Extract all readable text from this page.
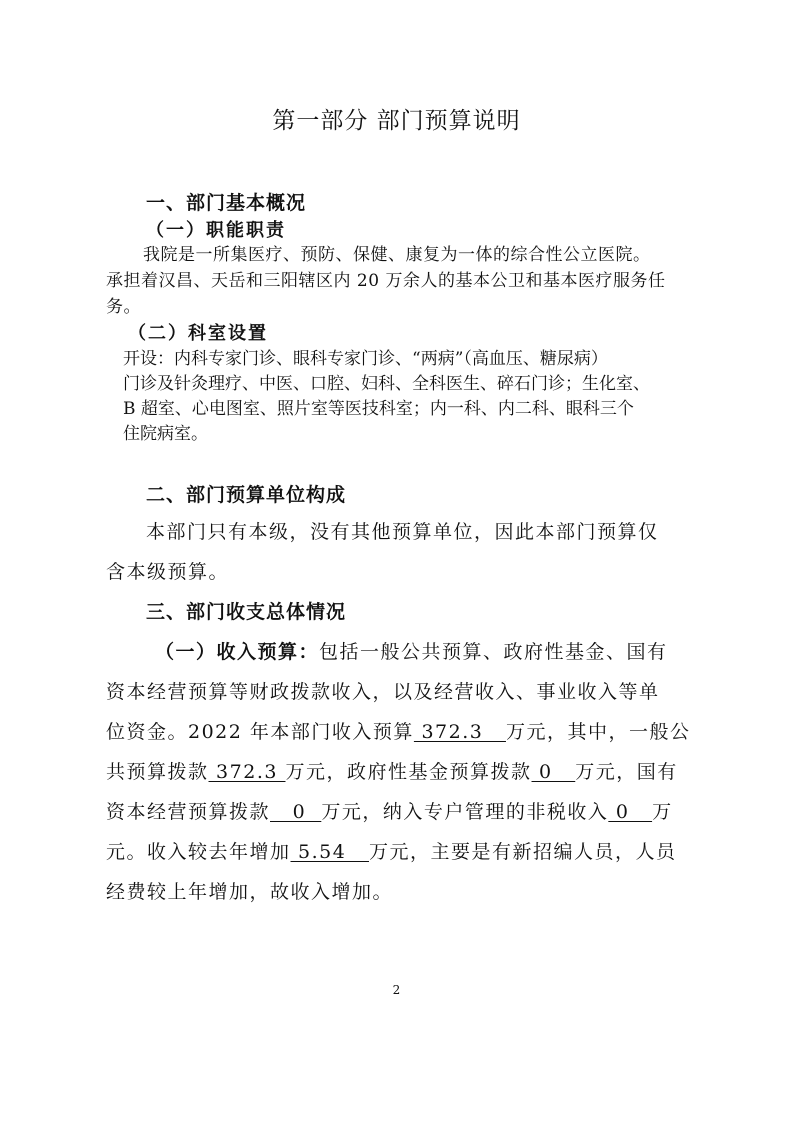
第一部分 部门预算说明
一、部门基本概况
（一）职能职责
我院是一所集医疗、预防、保健、康复为一体的综合性公立医院。
承担着汉昌、天岳和三阳辖区内 20 万余人的基本公卫和基本医疗服务任
务。
（二）科室设置
开设：内科专家门诊、眼科专家门诊、“两病”（高血压、糖尿病）
门诊及针灸理疗、中医、口腔、妇科、全科医生、碎石门诊；生化室、
B 超室、心电图室、照片室等医技科室；内一科、内二科、眼科三个
住院病室。
二、部门预算单位构成
本部门只有本级，没有其他预算单位，因此本部门预算仅
含本级预算。
三、部门收支总体情况
（一）收入预算：包括一般公共预算、政府性基金、国有
资本经营预算等财政拨款收入，以及经营收入、事业收入等单
位资金。2022 年本部门收入预算 372.3   万元，其中，一般公
共预算拨款 372.3 万元，政府性基金预算拨款 0   万元，国有
资本经营预算拨款   0  万元，纳入专户管理的非税收入 0   万
元。收入较去年增加 5.54   万元，主要是有新招编人员，人员
经费较上年增加，故收入增加。
2
